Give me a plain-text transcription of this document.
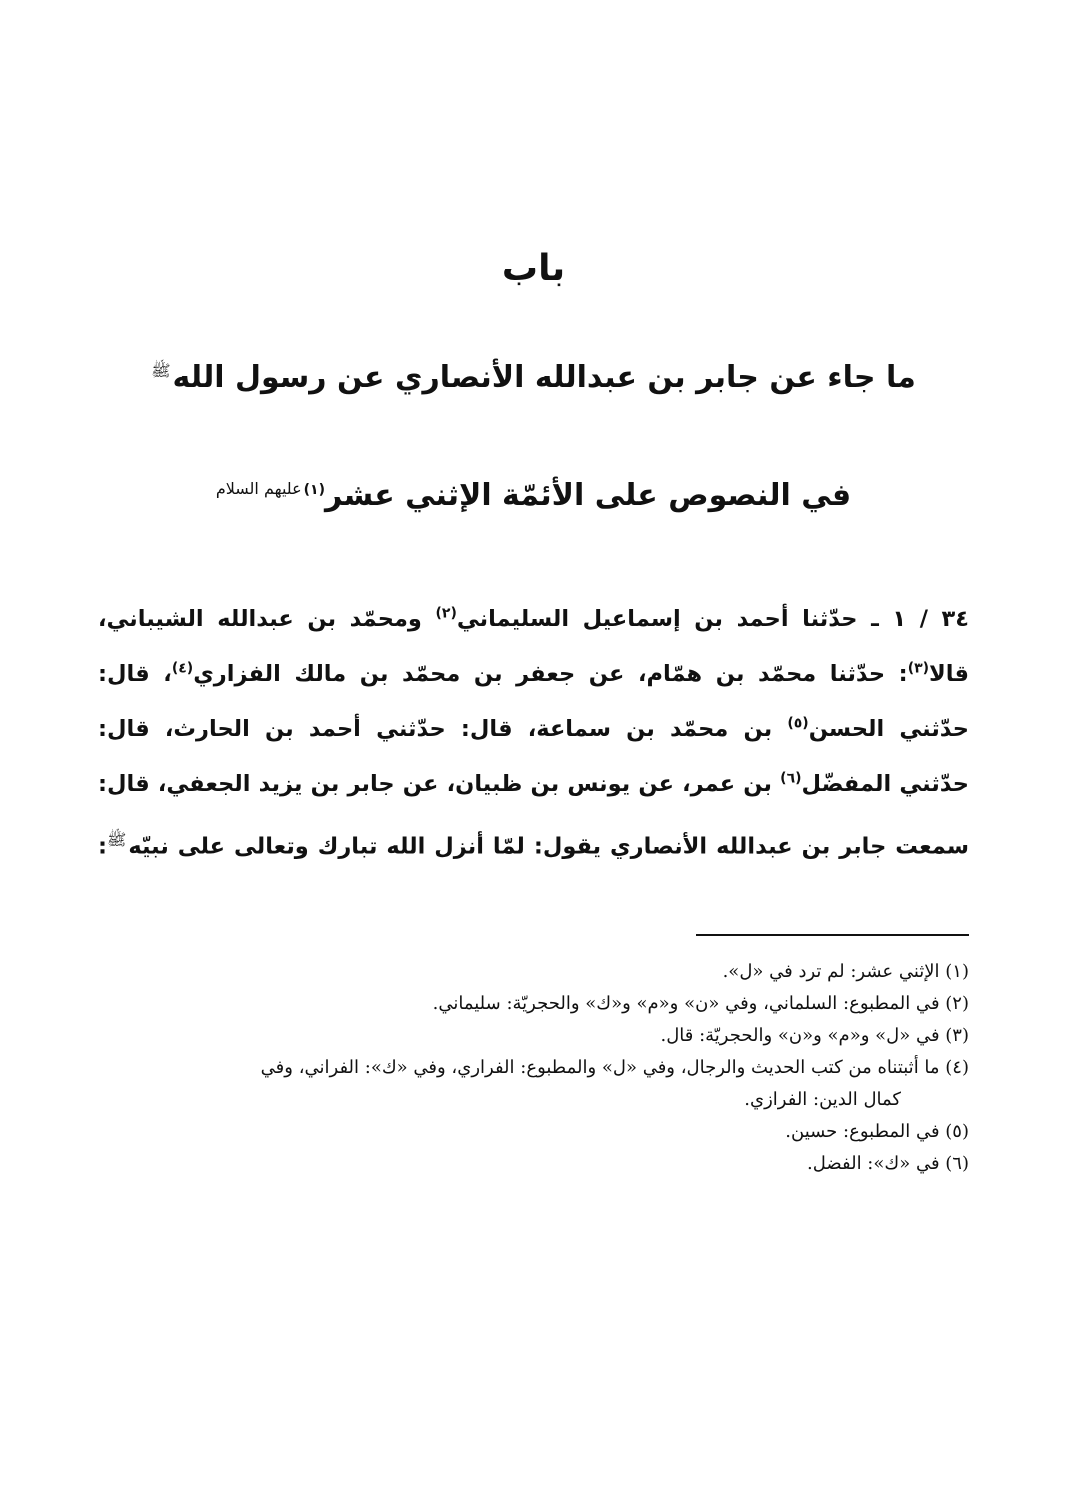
باب
ما جاء عن جابر بن عبدالله الأنصاري عن رسول الله$^ﷺ$
في النصوص على الأئمّة الإثني عشر$^{(١)عليهم السلام}$
٣٤ / ١ ـ حدّثنا أحمد بن إسماعيل السليماني$^{(٢)}$ ومحمّد بن عبدالله الشيباني،
قالا$^{(٣)}$: حدّثنا محمّد بن همّام، عن جعفر بن محمّد بن مالك الفزاري$^{(٤)}$، قال:
حدّثني الحسن$^{(٥)}$ بن محمّد بن سماعة، قال: حدّثني أحمد بن الحارث، قال:
حدّثني المفضّل$^{(٦)}$ بن عمر، عن يونس بن ظبيان، عن جابر بن يزيد الجعفي، قال:
سمعت جابر بن عبدالله الأنصاري يقول: لمّا أنزل الله تبارك وتعالى على نبيّه$^ﷺ$:
(١) الإثني عشر: لم ترد في «ل».
(٢) في المطبوع: السلماني، وفي «ن» و«م» و«ك» والحجريّة: سليماني.
(٣) في «ل» و«م» و«ن» والحجريّة: قال.
(٤) ما أثبتناه من كتب الحديث والرجال، وفي «ل» والمطبوع: الفراري، وفي «ك»: الفراني، وفي
كمال الدين: الفرازي.
(٥) في المطبوع: حسين.
(٦) في «ك»: الفضل.
